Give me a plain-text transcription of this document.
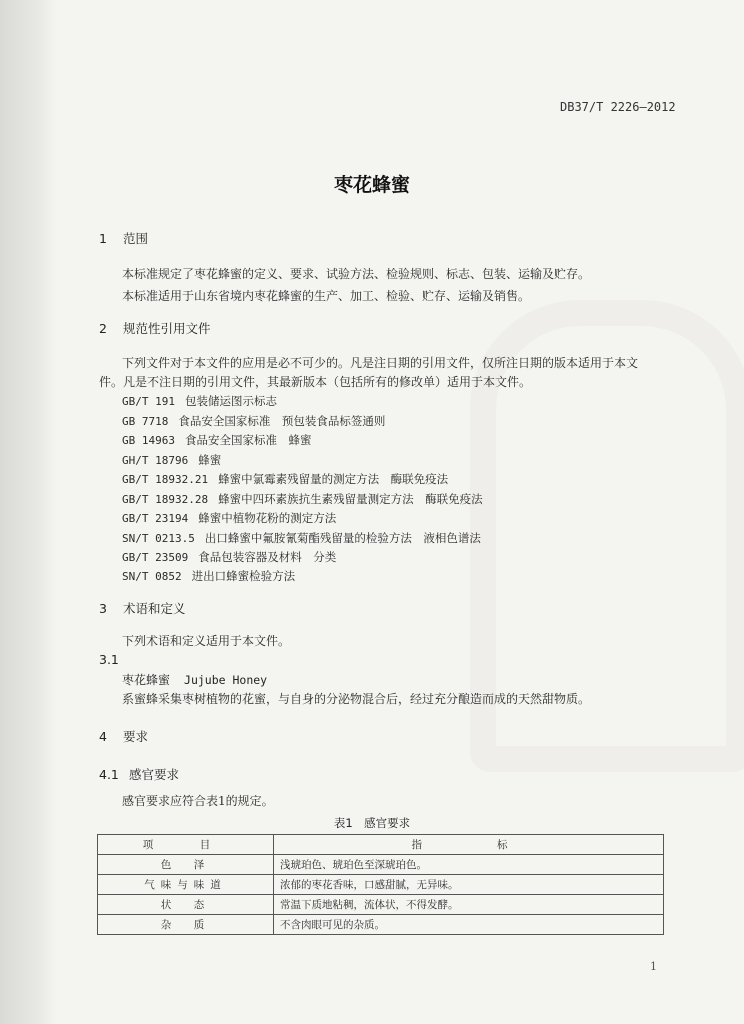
DB37/T 2226—2012
枣花蜂蜜
1 范围
本标准规定了枣花蜂蜜的定义、要求、试验方法、检验规则、标志、包装、运输及贮存。
本标准适用于山东省境内枣花蜂蜜的生产、加工、检验、贮存、运输及销售。
2 规范性引用文件
下列文件对于本文件的应用是必不可少的。凡是注日期的引用文件，仅所注日期的版本适用于本文
件。凡是不注日期的引用文件，其最新版本（包括所有的修改单）适用于本文件。
GB/T 191 包装储运图示标志
GB 7718 食品安全国家标准　预包装食品标签通则
GB 14963 食品安全国家标准　蜂蜜
GH/T 18796 蜂蜜
GB/T 18932.21 蜂蜜中氯霉素残留量的测定方法　酶联免疫法
GB/T 18932.28 蜂蜜中四环素族抗生素残留量测定方法　酶联免疫法
GB/T 23194 蜂蜜中植物花粉的测定方法
SN/T 0213.5 出口蜂蜜中氟胺氰菊酯残留量的检验方法　液相色谱法
GB/T 23509 食品包装容器及材料　分类
SN/T 0852 进出口蜂蜜检验方法
3 术语和定义
下列术语和定义适用于本文件。
3.1
枣花蜂蜜 Jujube Honey
系蜜蜂采集枣树植物的花蜜，与自身的分泌物混合后，经过充分酿造而成的天然甜物质。
4 要求
4.1 感官要求
感官要求应符合表1的规定。
表1　感官要求
项　目	指　　标
色　泽	浅琥珀色、琥珀色至深琥珀色。
气味与味道	浓郁的枣花香味，口感甜腻，无异味。
状　态	常温下质地粘稠，流体状，不得发酵。
杂　质	不含肉眼可见的杂质。
1
